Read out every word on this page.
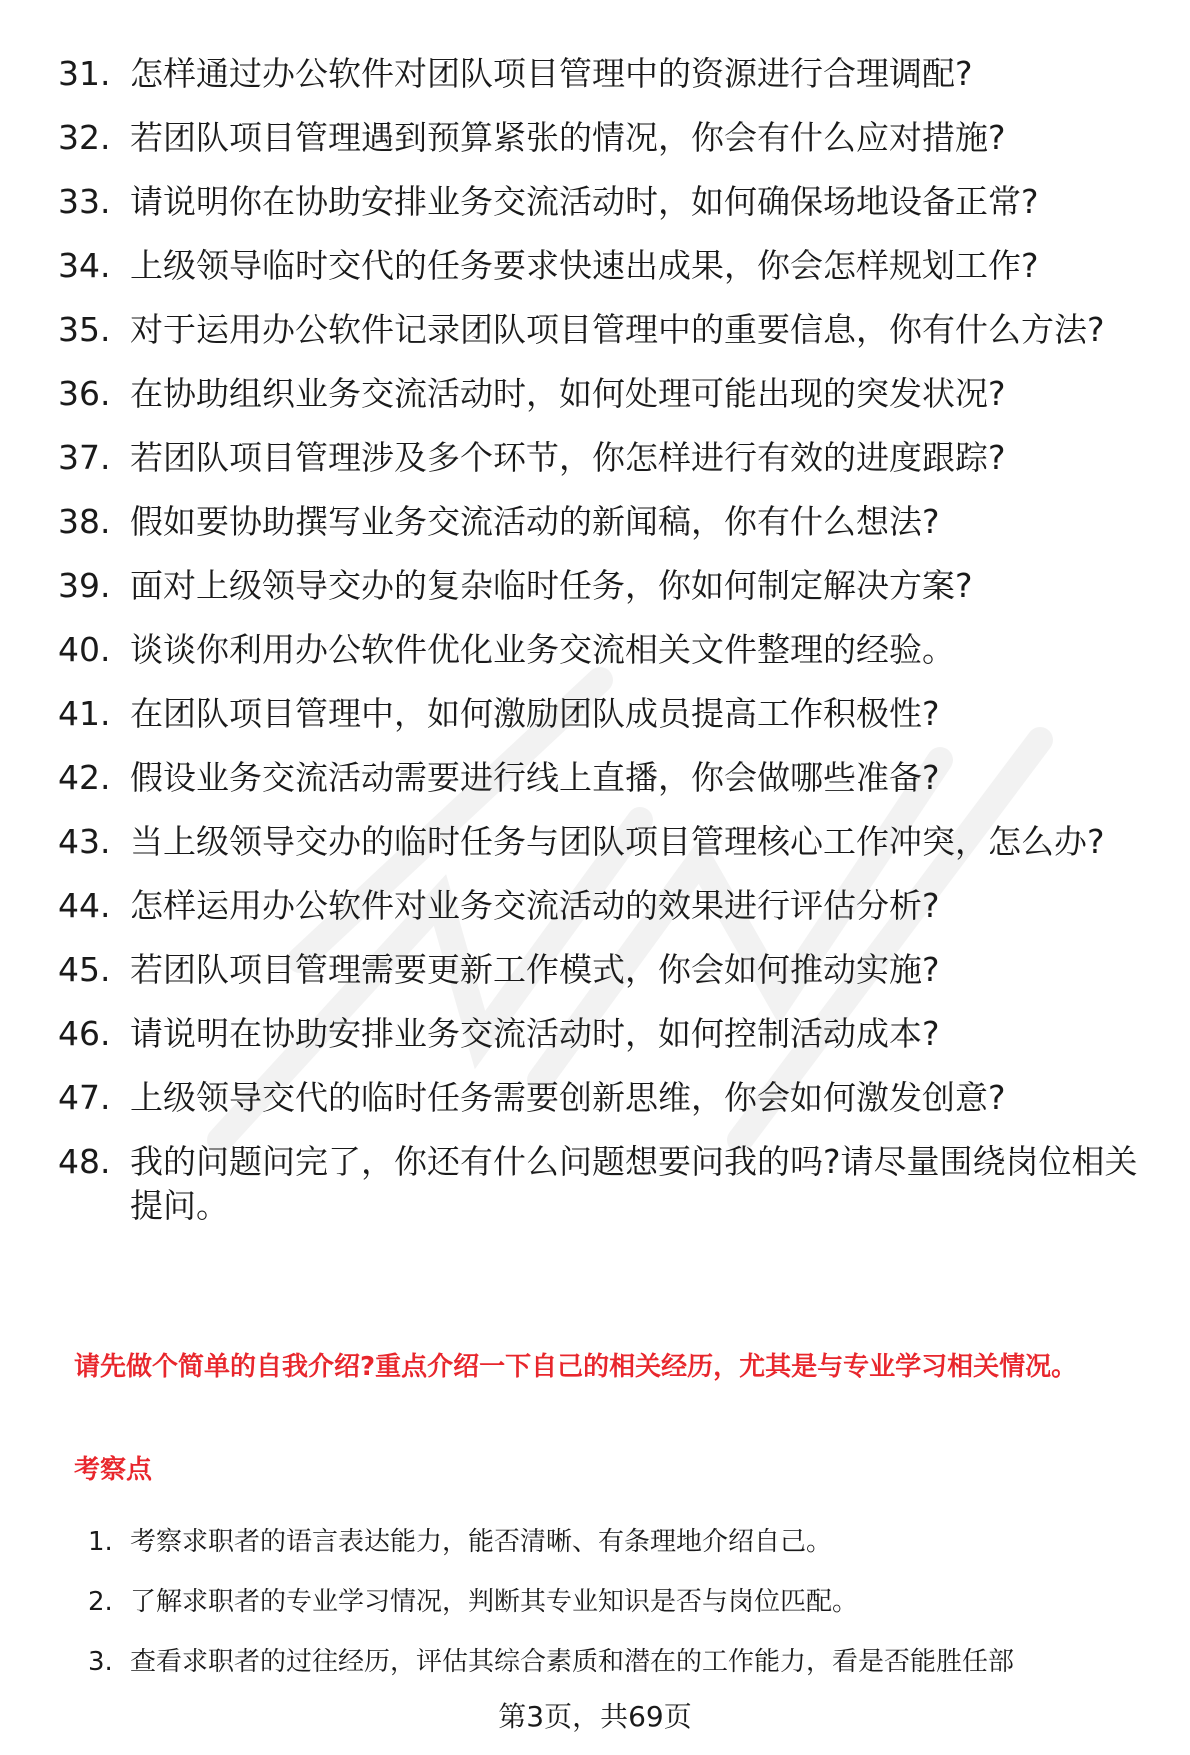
31. 怎样通过办公软件对团队项目管理中的资源进行合理调配?
32. 若团队项目管理遇到预算紧张的情况，你会有什么应对措施?
33. 请说明你在协助安排业务交流活动时，如何确保场地设备正常?
34. 上级领导临时交代的任务要求快速出成果，你会怎样规划工作?
35. 对于运用办公软件记录团队项目管理中的重要信息，你有什么方法?
36. 在协助组织业务交流活动时，如何处理可能出现的突发状况?
37. 若团队项目管理涉及多个环节，你怎样进行有效的进度跟踪?
38. 假如要协助撰写业务交流活动的新闻稿，你有什么想法?
39. 面对上级领导交办的复杂临时任务，你如何制定解决方案?
40. 谈谈你利用办公软件优化业务交流相关文件整理的经验。
41. 在团队项目管理中，如何激励团队成员提高工作积极性?
42. 假设业务交流活动需要进行线上直播，你会做哪些准备?
43. 当上级领导交办的临时任务与团队项目管理核心工作冲突，怎么办?
44. 怎样运用办公软件对业务交流活动的效果进行评估分析?
45. 若团队项目管理需要更新工作模式，你会如何推动实施?
46. 请说明在协助安排业务交流活动时，如何控制活动成本?
47. 上级领导交代的临时任务需要创新思维，你会如何激发创意?
48. 我的问题问完了，你还有什么问题想要问我的吗?请尽量围绕岗位相关提问。
请先做个简单的自我介绍?重点介绍一下自己的相关经历，尤其是与专业学习相关情况。
考察点
1. 考察求职者的语言表达能力，能否清晰、有条理地介绍自己。
2. 了解求职者的专业学习情况，判断其专业知识是否与岗位匹配。
3. 查看求职者的过往经历，评估其综合素质和潜在的工作能力，看是否能胜任部
第3页，共69页
